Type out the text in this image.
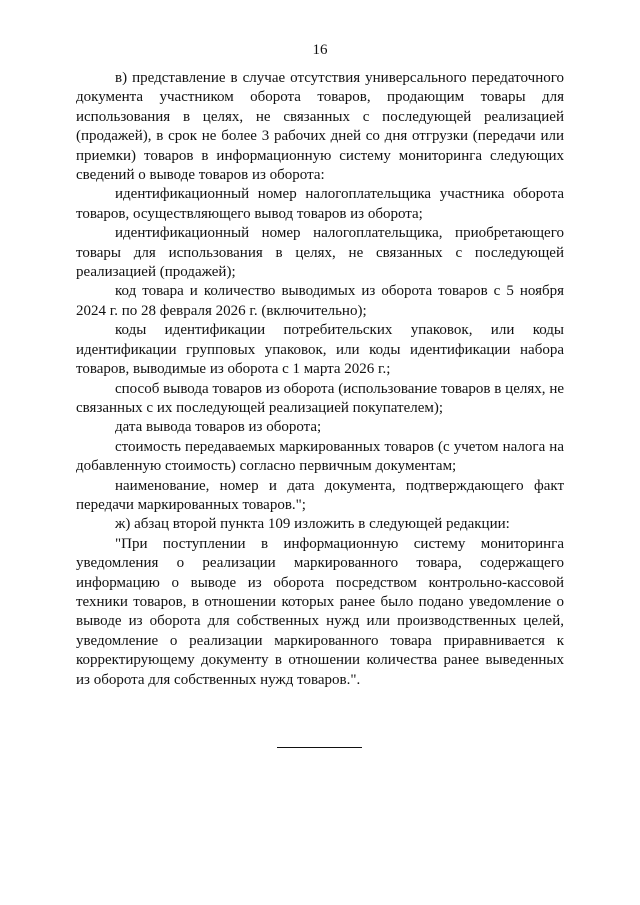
16

в) представление в случае отсутствия универсального передаточного документа участником оборота товаров, продающим товары для использования в целях, не связанных с последующей реализацией (продажей), в срок не более 3 рабочих дней со дня отгрузки (передачи или приемки) товаров в информационную систему мониторинга следующих сведений о выводе товаров из оборота:

идентификационный номер налогоплательщика участника оборота товаров, осуществляющего вывод товаров из оборота;

идентификационный номер налогоплательщика, приобретающего товары для использования в целях, не связанных с последующей реализацией (продажей);

код товара и количество выводимых из оборота товаров с 5 ноября 2024 г. по 28 февраля 2026 г. (включительно);

коды идентификации потребительских упаковок, или коды идентификации групповых упаковок, или коды идентификации набора товаров, выводимые из оборота с 1 марта 2026 г.;

способ вывода товаров из оборота (использование товаров в целях, не связанных с их последующей реализацией покупателем);

дата вывода товаров из оборота;

стоимость передаваемых маркированных товаров (с учетом налога на добавленную стоимость) согласно первичным документам;

наименование, номер и дата документа, подтверждающего факт передачи маркированных товаров.";

ж) абзац второй пункта 109 изложить в следующей редакции:

"При поступлении в информационную систему мониторинга уведомления о реализации маркированного товара, содержащего информацию о выводе из оборота посредством контрольно-кассовой техники товаров, в отношении которых ранее было подано уведомление о выводе из оборота для собственных нужд или производственных целей, уведомление о реализации маркированного товара приравнивается к корректирующему документу в отношении количества ранее выведенных из оборота для собственных нужд товаров.".
